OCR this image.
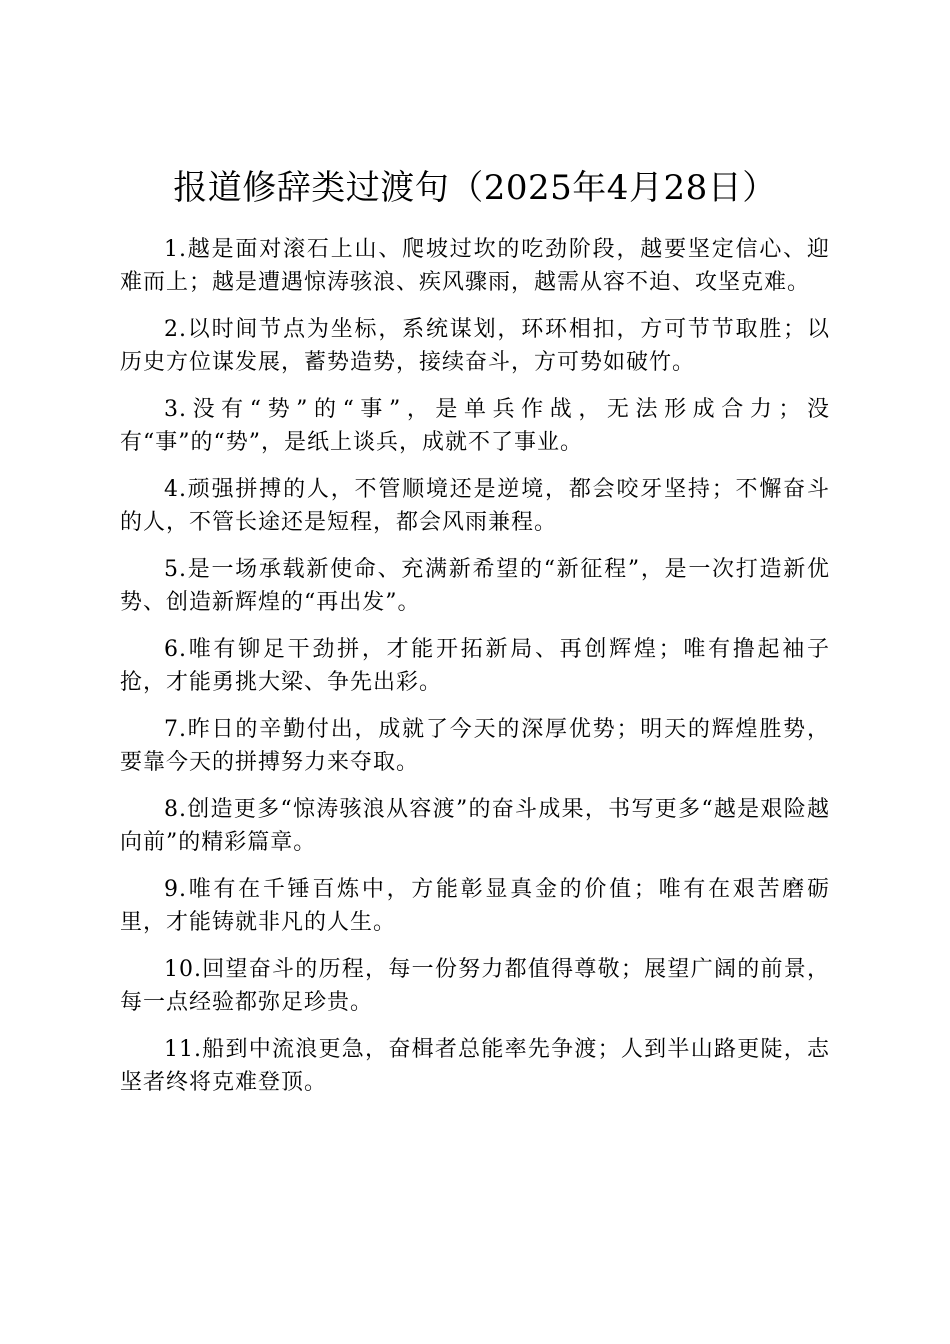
报道修辞类过渡句（2025年4月28日）

1.越是面对滚石上山、爬坡过坎的吃劲阶段，越要坚定信心、迎难而上；越是遭遇惊涛骇浪、疾风骤雨，越需从容不迫、攻坚克难。

2.以时间节点为坐标，系统谋划，环环相扣，方可节节取胜；以历史方位谋发展，蓄势造势，接续奋斗，方可势如破竹。

3.没有“势”的“事”，是单兵作战，无法形成合力；没有“事”的“势”，是纸上谈兵，成就不了事业。

4.顽强拼搏的人，不管顺境还是逆境，都会咬牙坚持；不懈奋斗的人，不管长途还是短程，都会风雨兼程。

5.是一场承载新使命、充满新希望的“新征程”，是一次打造新优势、创造新辉煌的“再出发”。

6.唯有铆足干劲拼，才能开拓新局、再创辉煌；唯有撸起袖子抢，才能勇挑大梁、争先出彩。

7.昨日的辛勤付出，成就了今天的深厚优势；明天的辉煌胜势，要靠今天的拼搏努力来夺取。

8.创造更多“惊涛骇浪从容渡”的奋斗成果，书写更多“越是艰险越向前”的精彩篇章。

9.唯有在千锤百炼中，方能彰显真金的价值；唯有在艰苦磨砺里，才能铸就非凡的人生。

10.回望奋斗的历程，每一份努力都值得尊敬；展望广阔的前景，每一点经验都弥足珍贵。

11.船到中流浪更急，奋楫者总能率先争渡；人到半山路更陡，志坚者终将克难登顶。
